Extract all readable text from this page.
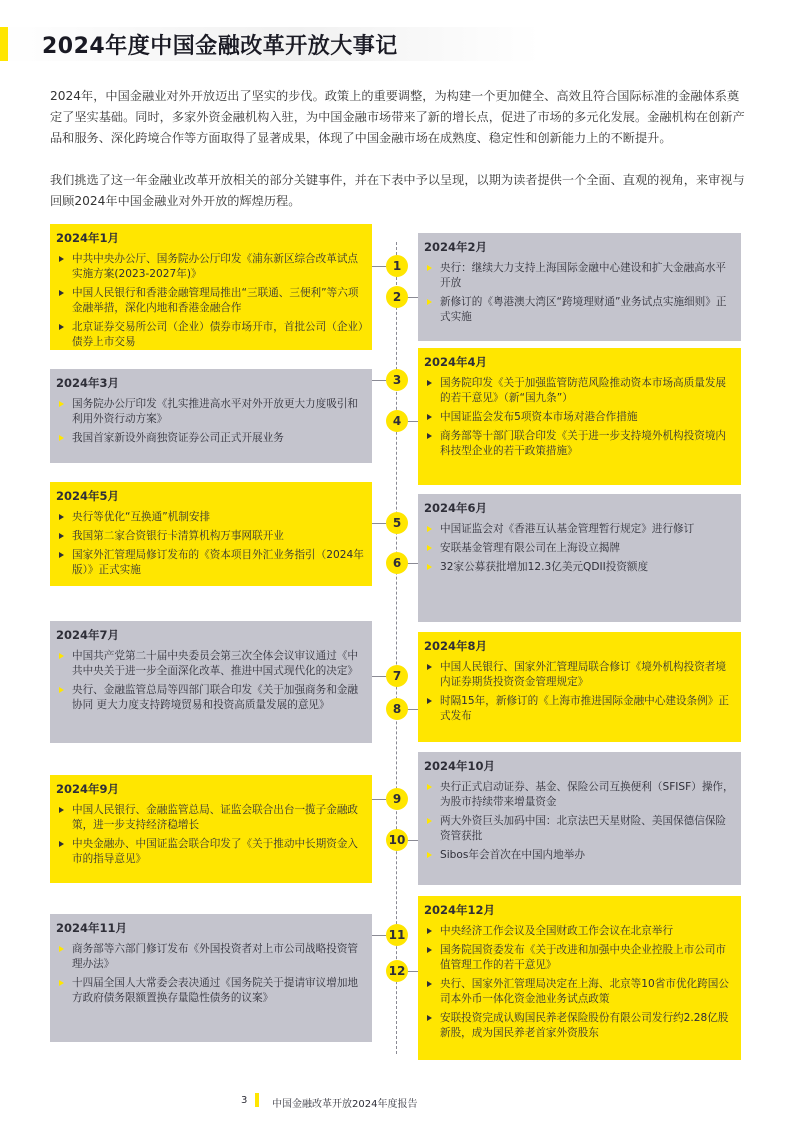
2024年度中国金融改革开放大事记

2024年，中国金融业对外开放迈出了坚实的步伐。政策上的重要调整，为构建一个更加健全、高效且符合国际标准的金融体系奠定了坚实基础。同时，多家外资金融机构入驻，为中国金融市场带来了新的增长点，促进了市场的多元化发展。金融机构在创新产品和服务、深化跨境合作等方面取得了显著成果，体现了中国金融市场在成熟度、稳定性和创新能力上的不断提升。

我们挑选了这一年金融业改革开放相关的部分关键事件，并在下表中予以呈现，以期为读者提供一个全面、直观的视角，来审视与回顾2024年中国金融业对外开放的辉煌历程。

2024年1月
中共中央办公厅、国务院办公厅印发《浦东新区综合改革试点实施方案(2023-2027年)》
中国人民银行和香港金融管理局推出“三联通、三便利”等六项金融举措，深化内地和香港金融合作
北京证券交易所公司（企业）债券市场开市，首批公司（企业）债券上市交易
2024年3月
国务院办公厅印发《扎实推进高水平对外开放更大力度吸引和利用外资行动方案》
我国首家新设外商独资证券公司正式开展业务
2024年5月
央行等优化“互换通”机制安排
我国第二家合资银行卡清算机构万事网联开业
国家外汇管理局修订发布的《资本项目外汇业务指引（2024年版）》正式实施
2024年7月
中国共产党第二十届中央委员会第三次全体会议审议通过《中共中央关于进一步全面深化改革、推进中国式现代化的决定》
央行、金融监管总局等四部门联合印发《关于加强商务和金融协同 更大力度支持跨境贸易和投资高质量发展的意见》
2024年9月
中国人民银行、金融监管总局、证监会联合出台一揽子金融政策，进一步支持经济稳增长
中央金融办、中国证监会联合印发了《关于推动中长期资金入市的指导意见》
2024年11月
商务部等六部门修订发布《外国投资者对上市公司战略投资管理办法》
十四届全国人大常委会表决通过《国务院关于提请审议增加地方政府债务限额置换存量隐性债务的议案》
2024年2月
央行：继续大力支持上海国际金融中心建设和扩大金融高水平开放
新修订的《粤港澳大湾区“跨境理财通”业务试点实施细则》正式实施
2024年4月
国务院印发《关于加强监管防范风险推动资本市场高质量发展的若干意见》（新“国九条”）
中国证监会发布5项资本市场对港合作措施
商务部等十部门联合印发《关于进一步支持境外机构投资境内科技型企业的若干政策措施》
2024年6月
中国证监会对《香港互认基金管理暂行规定》进行修订
安联基金管理有限公司在上海设立揭牌
32家公募获批增加12.3亿美元QDII投资额度
2024年8月
中国人民银行、国家外汇管理局联合修订《境外机构投资者境内证券期货投资资金管理规定》
时隔15年，新修订的《上海市推进国际金融中心建设条例》正式发布
2024年10月
央行正式启动证券、基金、保险公司互换便利（SFISF）操作，为股市持续带来增量资金
两大外资巨头加码中国：北京法巴天星财险、美国保德信保险资管获批
Sibos年会首次在中国内地举办
2024年12月
中央经济工作会议及全国财政工作会议在北京举行
国务院国资委发布《关于改进和加强中央企业控股上市公司市值管理工作的若干意见》
央行、国家外汇管理局决定在上海、北京等10省市优化跨国公司本外币一体化资金池业务试点政策
安联投资完成认购国民养老保险股份有限公司发行约2.28亿股新股，成为国民养老首家外资股东
1
2
3
4
5
6
7
8
9
10
11
12
3 中国金融改革开放2024年度报告
